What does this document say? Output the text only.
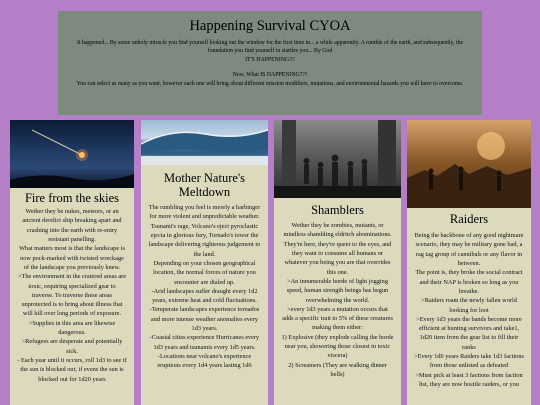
Happening Survival CYOA

It happened... By some unholy miracle you find yourself looking out the window for the first time in... a while apparently. A rumble of the earth, and subsequently, the foundation you find yourself in startles you... By God

IT'S HAPPENING!!!

Now, What IS HAPPENING???

You can select as many as you want, however each one will bring about different mission modifiers, mutations, and environmental hazards you will have to overcome.

Fire from the skies
Wether they be nukes, meteors, or an ancient derelict ship breaking apart and crashing into the earth with re-entry resistant panelling.
What matters most is that the landscape is now pock-marked with twisted wreckage of the landscape you previously knew.
>The environment in the cratered areas are toxic, requiring specialized gear to traverse. To traverse these areas unprotected is to bring about illness that will kill over long periods of exposure.
>Supplies in this area are likewise dangerous.
>Refugees are desperate and potentially sick.
- Each year until it occurs, roll 1d3 to see if the sun is blocked out, if evens the sun is blocked out for 1d20 years
Mother Nature's Meltdown
The rumbling you feel is merely a harbinger for more violent and unpredictable weather. Tsunami's rage, Volcano's eject pyroclastic ejecta in glorious fury, Tornado's tower the landscape delivering righteous judgement to the land.
Depending on your chosen geographical location, the normal forces of nature you encounter are dialed up.
-Arid landscapes suffer draught every 1d2 years, extreme heat and cold fluctuations.
-Temperate landscapes experience tornados and more intense weather anomalies every 1d3 years.
-Coastal cities experience Hurricanes every 1d3 years and tsunamis every 1d5 years.
-Locations near volcano's experience eruptions every 1d4 years lasting 1d6
Shamblers
Wether they be zombies, mutants, or mindless shambling eldritch abominations.
They're here, they're queer to the eyes, and they want to consume all humans or whatever you being you are that overrides this one.
>An innumerable horde of light jogging speed, human strength beings has begun overwhelming the world.
>every 1d3 years a mutation occurs that adds a specific trait to 5% of these creatures making them either:
1) Explosive (they explode calling the horde near you, showering those closest in toxic viscera)
2) Screamers (They are walking dinner bells)
Raiders
Being the backbone of any good nightmare scenario, they may be military gone bad, a rag tag group of cannibals or any flavor in between.
The point is, they broke the social contract and their NAP is broken so long as you breathe.
>Raiders roam the newly fallen world looking for loot
>Every 1d3 years the bands become more efficient at hunting survivors and take1, 1d20 item from the gear list to fill their ranks
>Every 1d6 years Raiders take 1d3 factions from those unlisted as defeated
>Must pick at least 3 factions from faction list, they are now hostile raiders, or you
